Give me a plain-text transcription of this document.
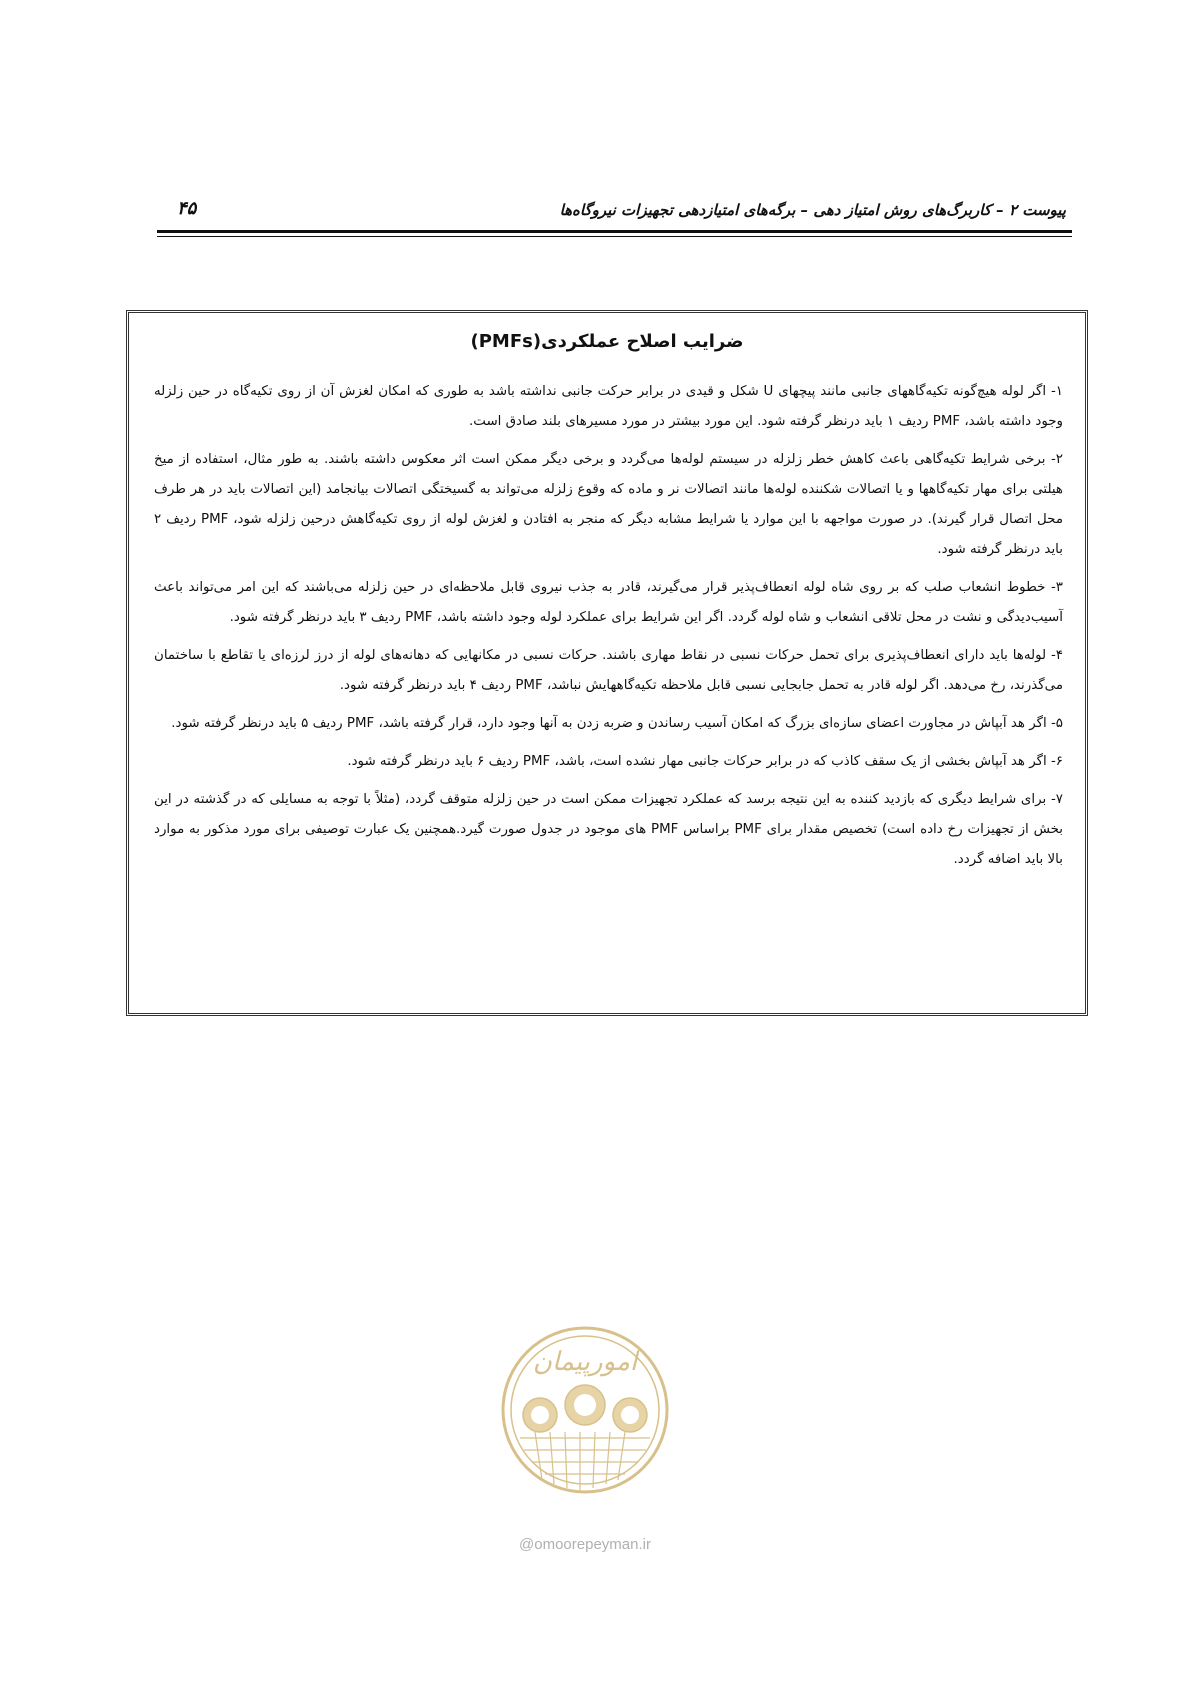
پیوست ۲ – کاربرگ‌های روش امتیاز دهی – برگه‌های امتیازدهی تجهیزات نیروگاه‌ها
۴۵
ضرایب اصلاح عملکردی(PMFs)

۱- اگر لوله هیچ‌گونه تکیه‌گاههای جانبی مانند پیچهای U شکل و قیدی در برابر حرکت جانبی نداشته باشد به طوری که امکان لغزش آن از روی تکیه‌گاه در حین زلزله وجود داشته باشد، PMF ردیف ۱ باید درنظر گرفته شود. این مورد بیشتر در مورد مسیرهای بلند صادق است.

۲- برخی شرایط تکیه‌گاهی باعث کاهش خطر زلزله در سیستم لوله‌ها می‌گردد و برخی دیگر ممکن است اثر معکوس داشته باشند. به طور مثال، استفاده از میخ هیلتی برای مهار تکیه‌گاهها و یا اتصالات شکننده لوله‌ها مانند اتصالات نر و ماده که وقوع زلزله می‌تواند به گسیختگی اتصالات بیانجامد (این اتصالات باید در هر طرف محل اتصال قرار گیرند). در صورت مواجهه با این موارد یا شرایط مشابه دیگر که منجر به افتادن و لغزش لوله از روی تکیه‌گاهش درحین زلزله شود، PMF ردیف ۲ باید درنظر گرفته شود.

۳- خطوط انشعاب صلب که بر روی شاه لوله انعطاف‌پذیر قرار می‌گیرند، قادر به جذب نیروی قابل ملاحظه‌ای در حین زلزله می‌باشند که این امر می‌تواند باعث آسیب‌دیدگی و نشت در محل تلاقی انشعاب و شاه لوله گردد. اگر این شرایط برای عملکرد لوله وجود داشته باشد، PMF ردیف ۳ باید درنظر گرفته شود.

۴- لوله‌ها باید دارای انعطاف‌پذیری برای تحمل حرکات نسبی در نقاط مهاری باشند. حرکات نسبی در مکانهایی که دهانه‌های لوله از درز لرزه‌ای یا تقاطع با ساختمان می‌گذرند، رخ می‌دهد. اگر لوله قادر به تحمل جابجایی نسبی قابل ملاحظه تکیه‌گاههایش نباشد، PMF ردیف ۴ باید درنظر گرفته شود.

۵- اگر هد آبپاش در مجاورت اعضای سازه‌ای بزرگ که امکان آسیب رساندن و ضربه زدن به آنها وجود دارد، قرار گرفته باشد، PMF ردیف ۵ باید درنظر گرفته شود.

۶- اگر هد آبپاش بخشی از یک سقف کاذب که در برابر حرکات جانبی مهار نشده است، باشد، PMF ردیف ۶ باید درنظر گرفته شود.

۷- برای شرایط دیگری که بازدید کننده به این نتیجه برسد که عملکرد تجهیزات ممکن است در حین زلزله متوقف گردد، (مثلاً با توجه به مسایلی که در گذشته در این بخش از تجهیزات رخ داده است) تخصیص مقدار برای PMF براساس PMF های موجود در جدول صورت گیرد.همچنین یک عبارت توصیفی برای مورد مذکور به موارد بالا باید اضافه گردد.

امورپیمان
@omoorepeyman.ir
